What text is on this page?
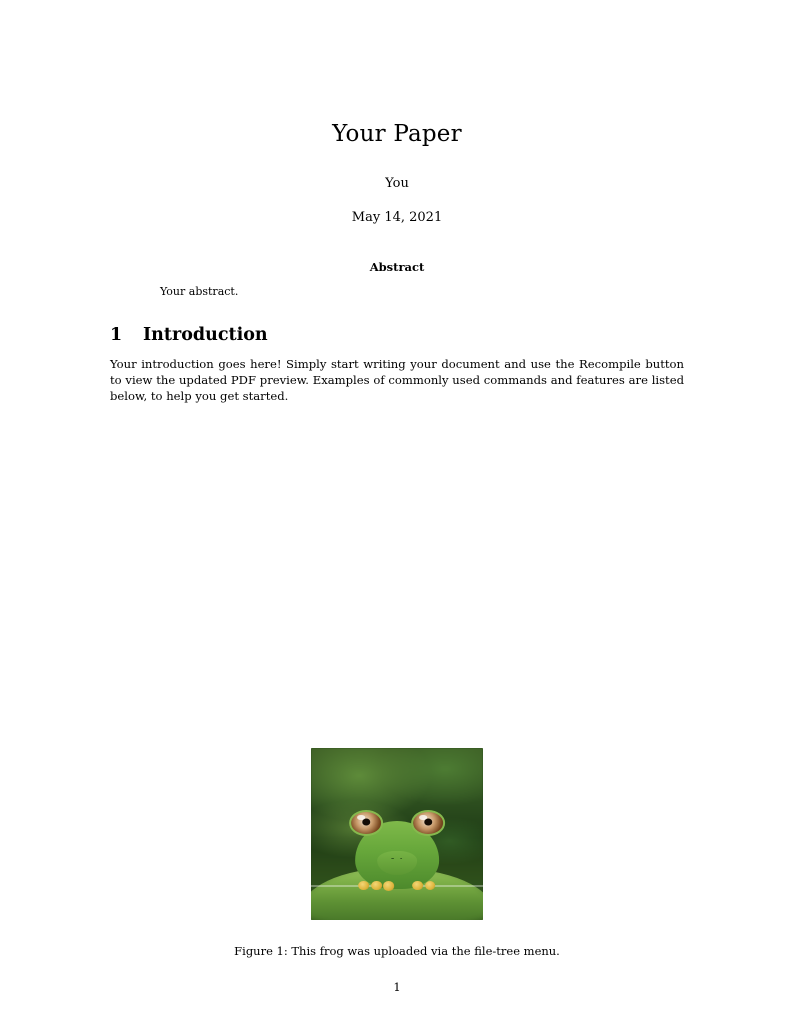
Your Paper
You
May 14, 2021
Abstract
Your abstract.
1	Introduction

Your introduction goes here! Simply start writing your document and use the Recompile button to view the updated PDF preview. Examples of commonly used commands and features are listed below, to help you get started.

Figure 1: This frog was uploaded via the file-tree menu.
1
